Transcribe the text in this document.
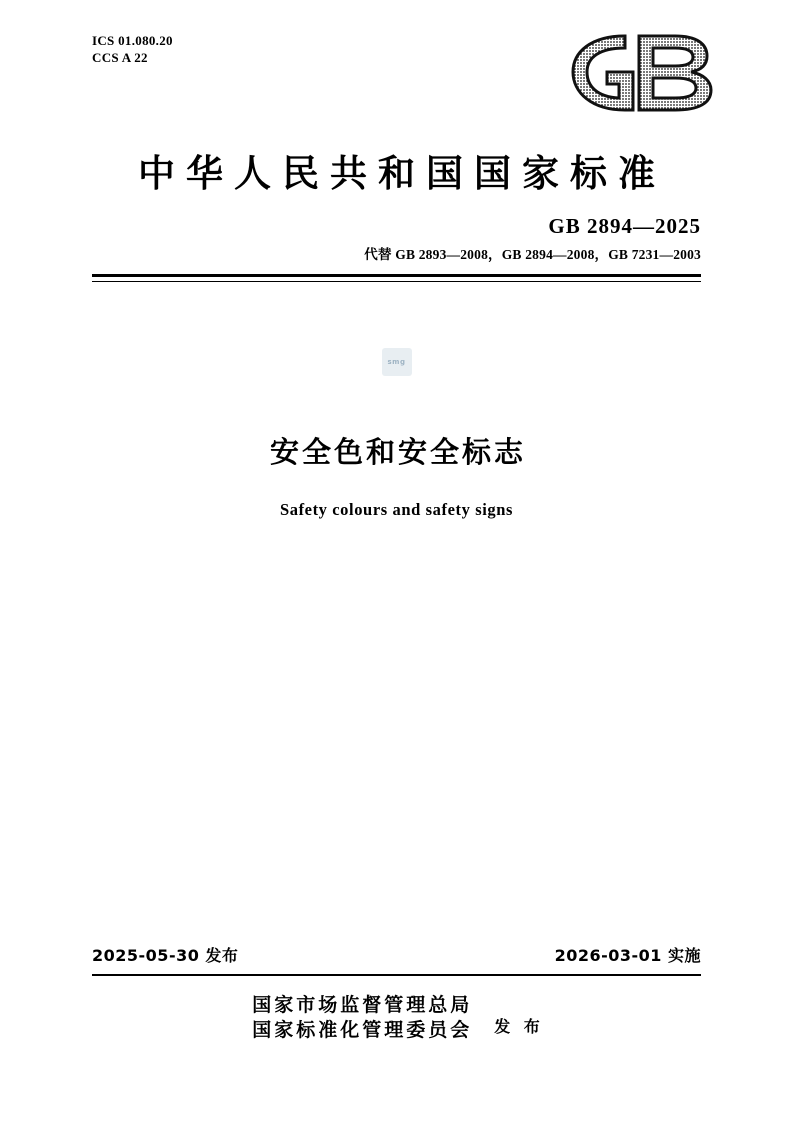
ICS 01.080.20
CCS A 22
中华人民共和国国家标准
GB 2894—2025
代替 GB 2893—2008，GB 2894—2008，GB 7231—2003
smg
安全色和安全标志
Safety colours and safety signs
2025-05-30 发布	2026-03-01 实施
国家市场监督管理总局
国家标准化管理委员会 发 布
